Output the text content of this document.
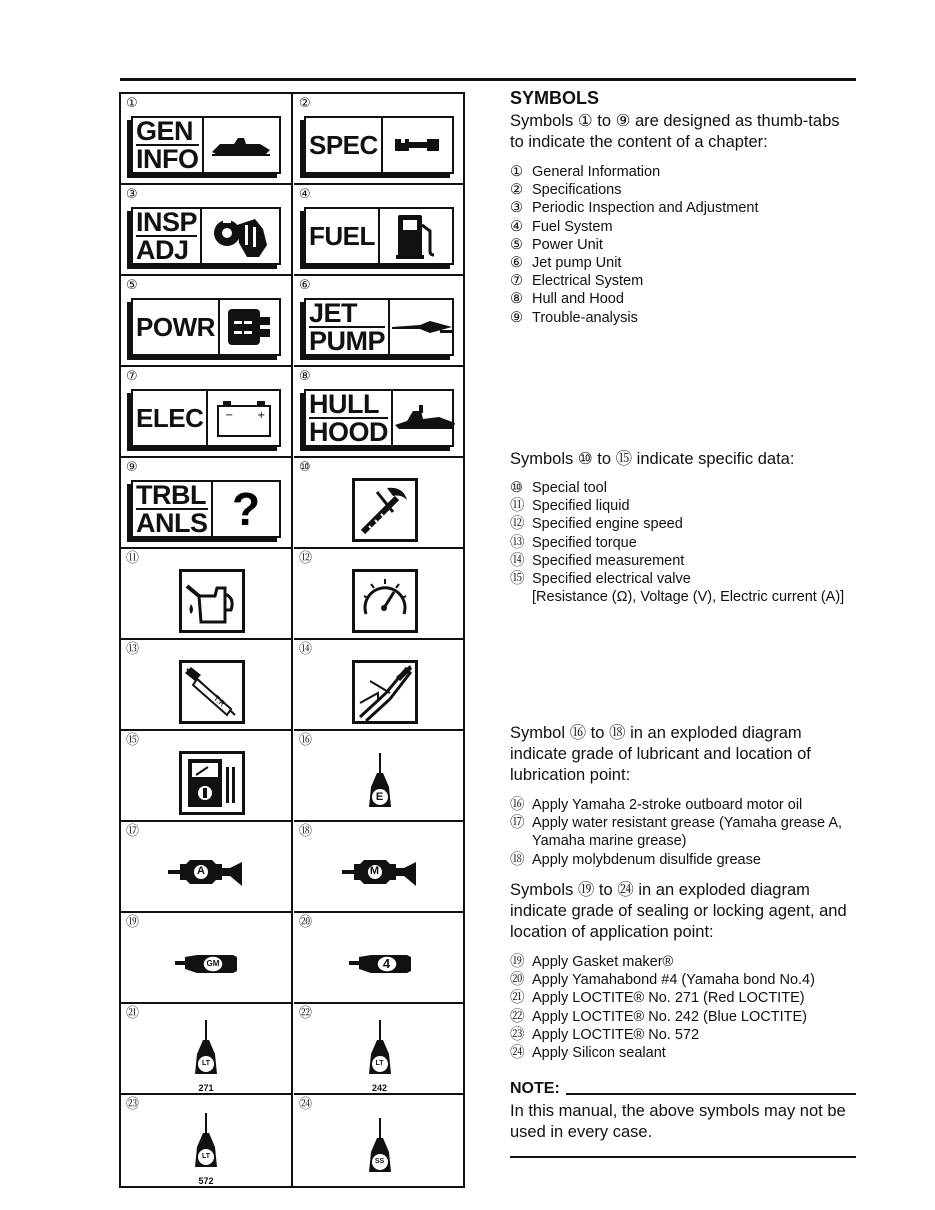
①
GEN
INFO
②
SPEC
③
INSP
ADJ
④
FUEL
⑤
POWR
⑥
JET
PUMP
⑦
ELEC − +
⑧
HULL
HOOD
⑨
TRBL
ANLS ?
⑩
⑪	⑫
⑬
T.R
⑭
⑮	⑯
E
⑰
A
⑱
M
⑲
GM
⑳
4
㉑
LT
271
㉒
LT
242
㉓
LT
572
㉔
SS
SYMBOLS
Symbols ① to ⑨ are designed as thumb-tabs to indicate the content of a chapter:
① General Information
② Specifications
③ Periodic Inspection and Adjustment
④ Fuel System
⑤ Power Unit
⑥ Jet pump Unit
⑦ Electrical System
⑧ Hull and Hood
⑨ Trouble-analysis
Symbols ⑩ to ⑮ indicate specific data:
⑩ Special tool
⑪ Specified liquid
⑫ Specified engine speed
⑬ Specified torque
⑭ Specified measurement
⑮ Specified electrical valve
[Resistance (Ω), Voltage (V), Electric current (A)]
Symbol ⑯ to ⑱ in an exploded diagram indicate grade of lubricant and location of lubrication point:
⑯ Apply Yamaha 2-stroke outboard motor oil
⑰ Apply water resistant grease (Yamaha grease A, Yamaha marine grease)
⑱ Apply molybdenum disulfide grease
Symbols ⑲ to ㉔ in an exploded diagram indicate grade of sealing or locking agent, and location of application point:
⑲ Apply Gasket maker®
⑳ Apply Yamahabond #4 (Yamaha bond No.4)
㉑ Apply LOCTITE® No. 271 (Red LOCTITE)
㉒ Apply LOCTITE® No. 242 (Blue LOCTITE)
㉓ Apply LOCTITE® No. 572
㉔ Apply Silicon sealant
NOTE:
In this manual, the above symbols may not be used in every case.
